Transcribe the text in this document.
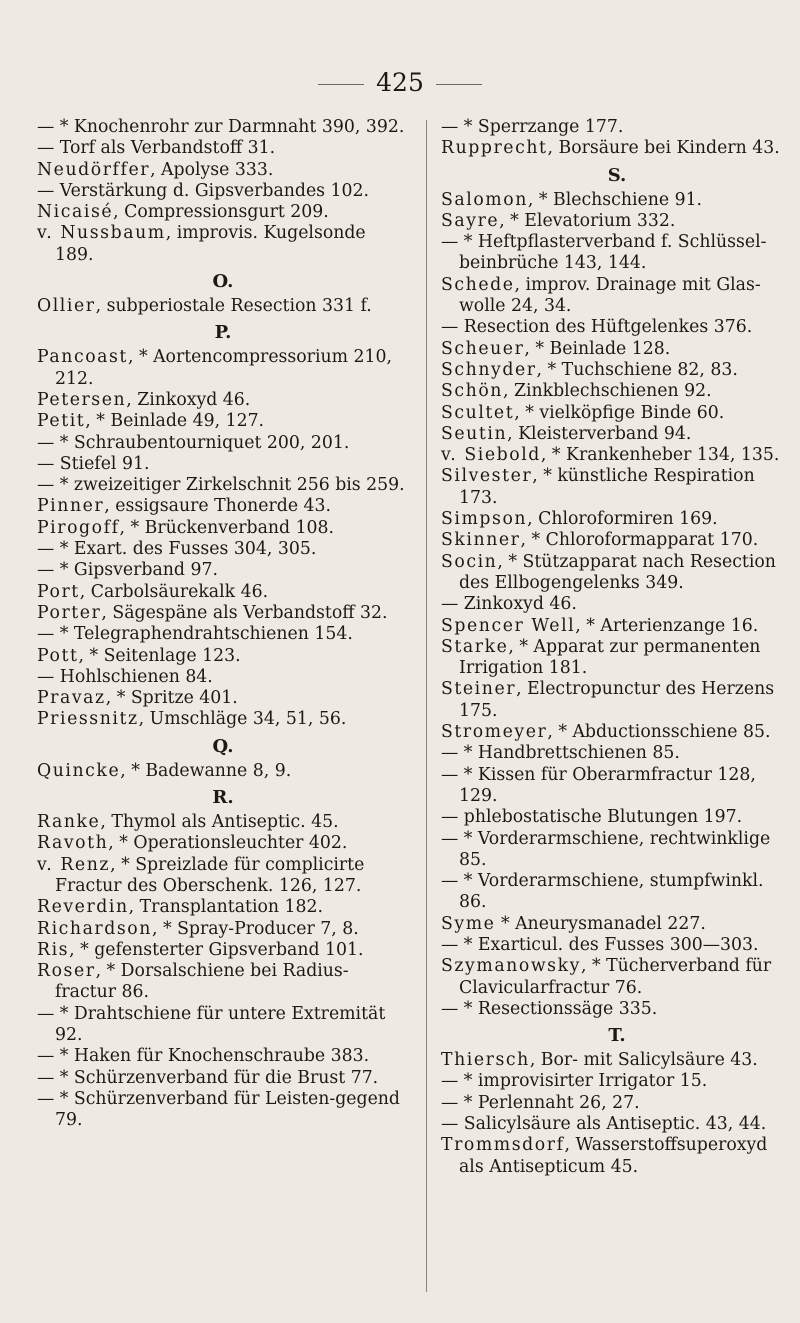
425
— * Knochenrohr zur Darmnaht 390, 392.
— Torf als Verbandstoff 31.
Neudörffer, Apolyse 333.
— Verstärkung d. Gipsverbandes 102.
Nicaisé, Compressionsgurt 209.
v. Nussbaum, improvis. Kugelsonde 189.
O.
Ollier, subperiostale Resection 331 f.
P.
Pancoast, * Aortencompressorium 210, 212.
Petersen, Zinkoxyd 46.
Petit, * Beinlade 49, 127.
— * Schraubentourniquet 200, 201.
— Stiefel 91.
— * zweizeitiger Zirkelschnit 256 bis 259.
Pinner, essigsaure Thonerde 43.
Pirogoff, * Brückenverband 108.
— * Exart. des Fusses 304, 305.
— * Gipsverband 97.
Port, Carbolsäurekalk 46.
Porter, Sägespäne als Verbandstoff 32.
— * Telegraphendrahtschienen 154.
Pott, * Seitenlage 123.
— Hohlschienen 84.
Pravaz, * Spritze 401.
Priessnitz, Umschläge 34, 51, 56.
Q.
Quincke, * Badewanne 8, 9.
R.
Ranke, Thymol als Antiseptic. 45.
Ravoth, * Operationsleuchter 402.
v. Renz, * Spreizlade für complicirte Fractur des Oberschenk. 126, 127.
Reverdin, Transplantation 182.
Richardson, * Spray-Producer 7, 8.
Ris, * gefensterter Gipsverband 101.
Roser, * Dorsalschiene bei Radius-fractur 86.
— * Drahtschiene für untere Extremität 92.
— * Haken für Knochenschraube 383.
— * Schürzenverband für die Brust 77.
— * Schürzenverband für Leisten-gegend 79.
— * Sperrzange 177.
Rupprecht, Borsäure bei Kindern 43.
S.
Salomon, * Blechschiene 91.
Sayre, * Elevatorium 332.
— * Heftpflasterverband f. Schlüssel-beinbrüche 143, 144.
Schede, improv. Drainage mit Glas-wolle 24, 34.
— Resection des Hüftgelenkes 376.
Scheuer, * Beinlade 128.
Schnyder, * Tuchschiene 82, 83.
Schön, Zinkblechschienen 92.
Scultet, * vielköpfige Binde 60.
Seutin, Kleisterverband 94.
v. Siebold, * Krankenheber 134, 135.
Silvester, * künstliche Respiration 173.
Simpson, Chloroformiren 169.
Skinner, * Chloroformapparat 170.
Socin, * Stützapparat nach Resection des Ellbogengelenks 349.
— Zinkoxyd 46.
Spencer Well, * Arterienzange 16.
Starke, * Apparat zur permanenten Irrigation 181.
Steiner, Electropunctur des Herzens 175.
Stromeyer, * Abductionsschiene 85.
— * Handbrettschienen 85.
— * Kissen für Oberarmfractur 128, 129.
— phlebostatische Blutungen 197.
— * Vorderarmschiene, rechtwinklige 85.
— * Vorderarmschiene, stumpfwinkl. 86.
Syme * Aneurysmanadel 227.
— * Exarticul. des Fusses 300—303.
Szymanowsky, * Tücherverband für Clavicularfractur 76.
— * Resectionssäge 335.
T.
Thiersch, Bor- mit Salicylsäure 43.
— * improvisirter Irrigator 15.
— * Perlennaht 26, 27.
— Salicylsäure als Antiseptic. 43, 44.
Trommsdorf, Wasserstoffsuperoxyd als Antisepticum 45.
